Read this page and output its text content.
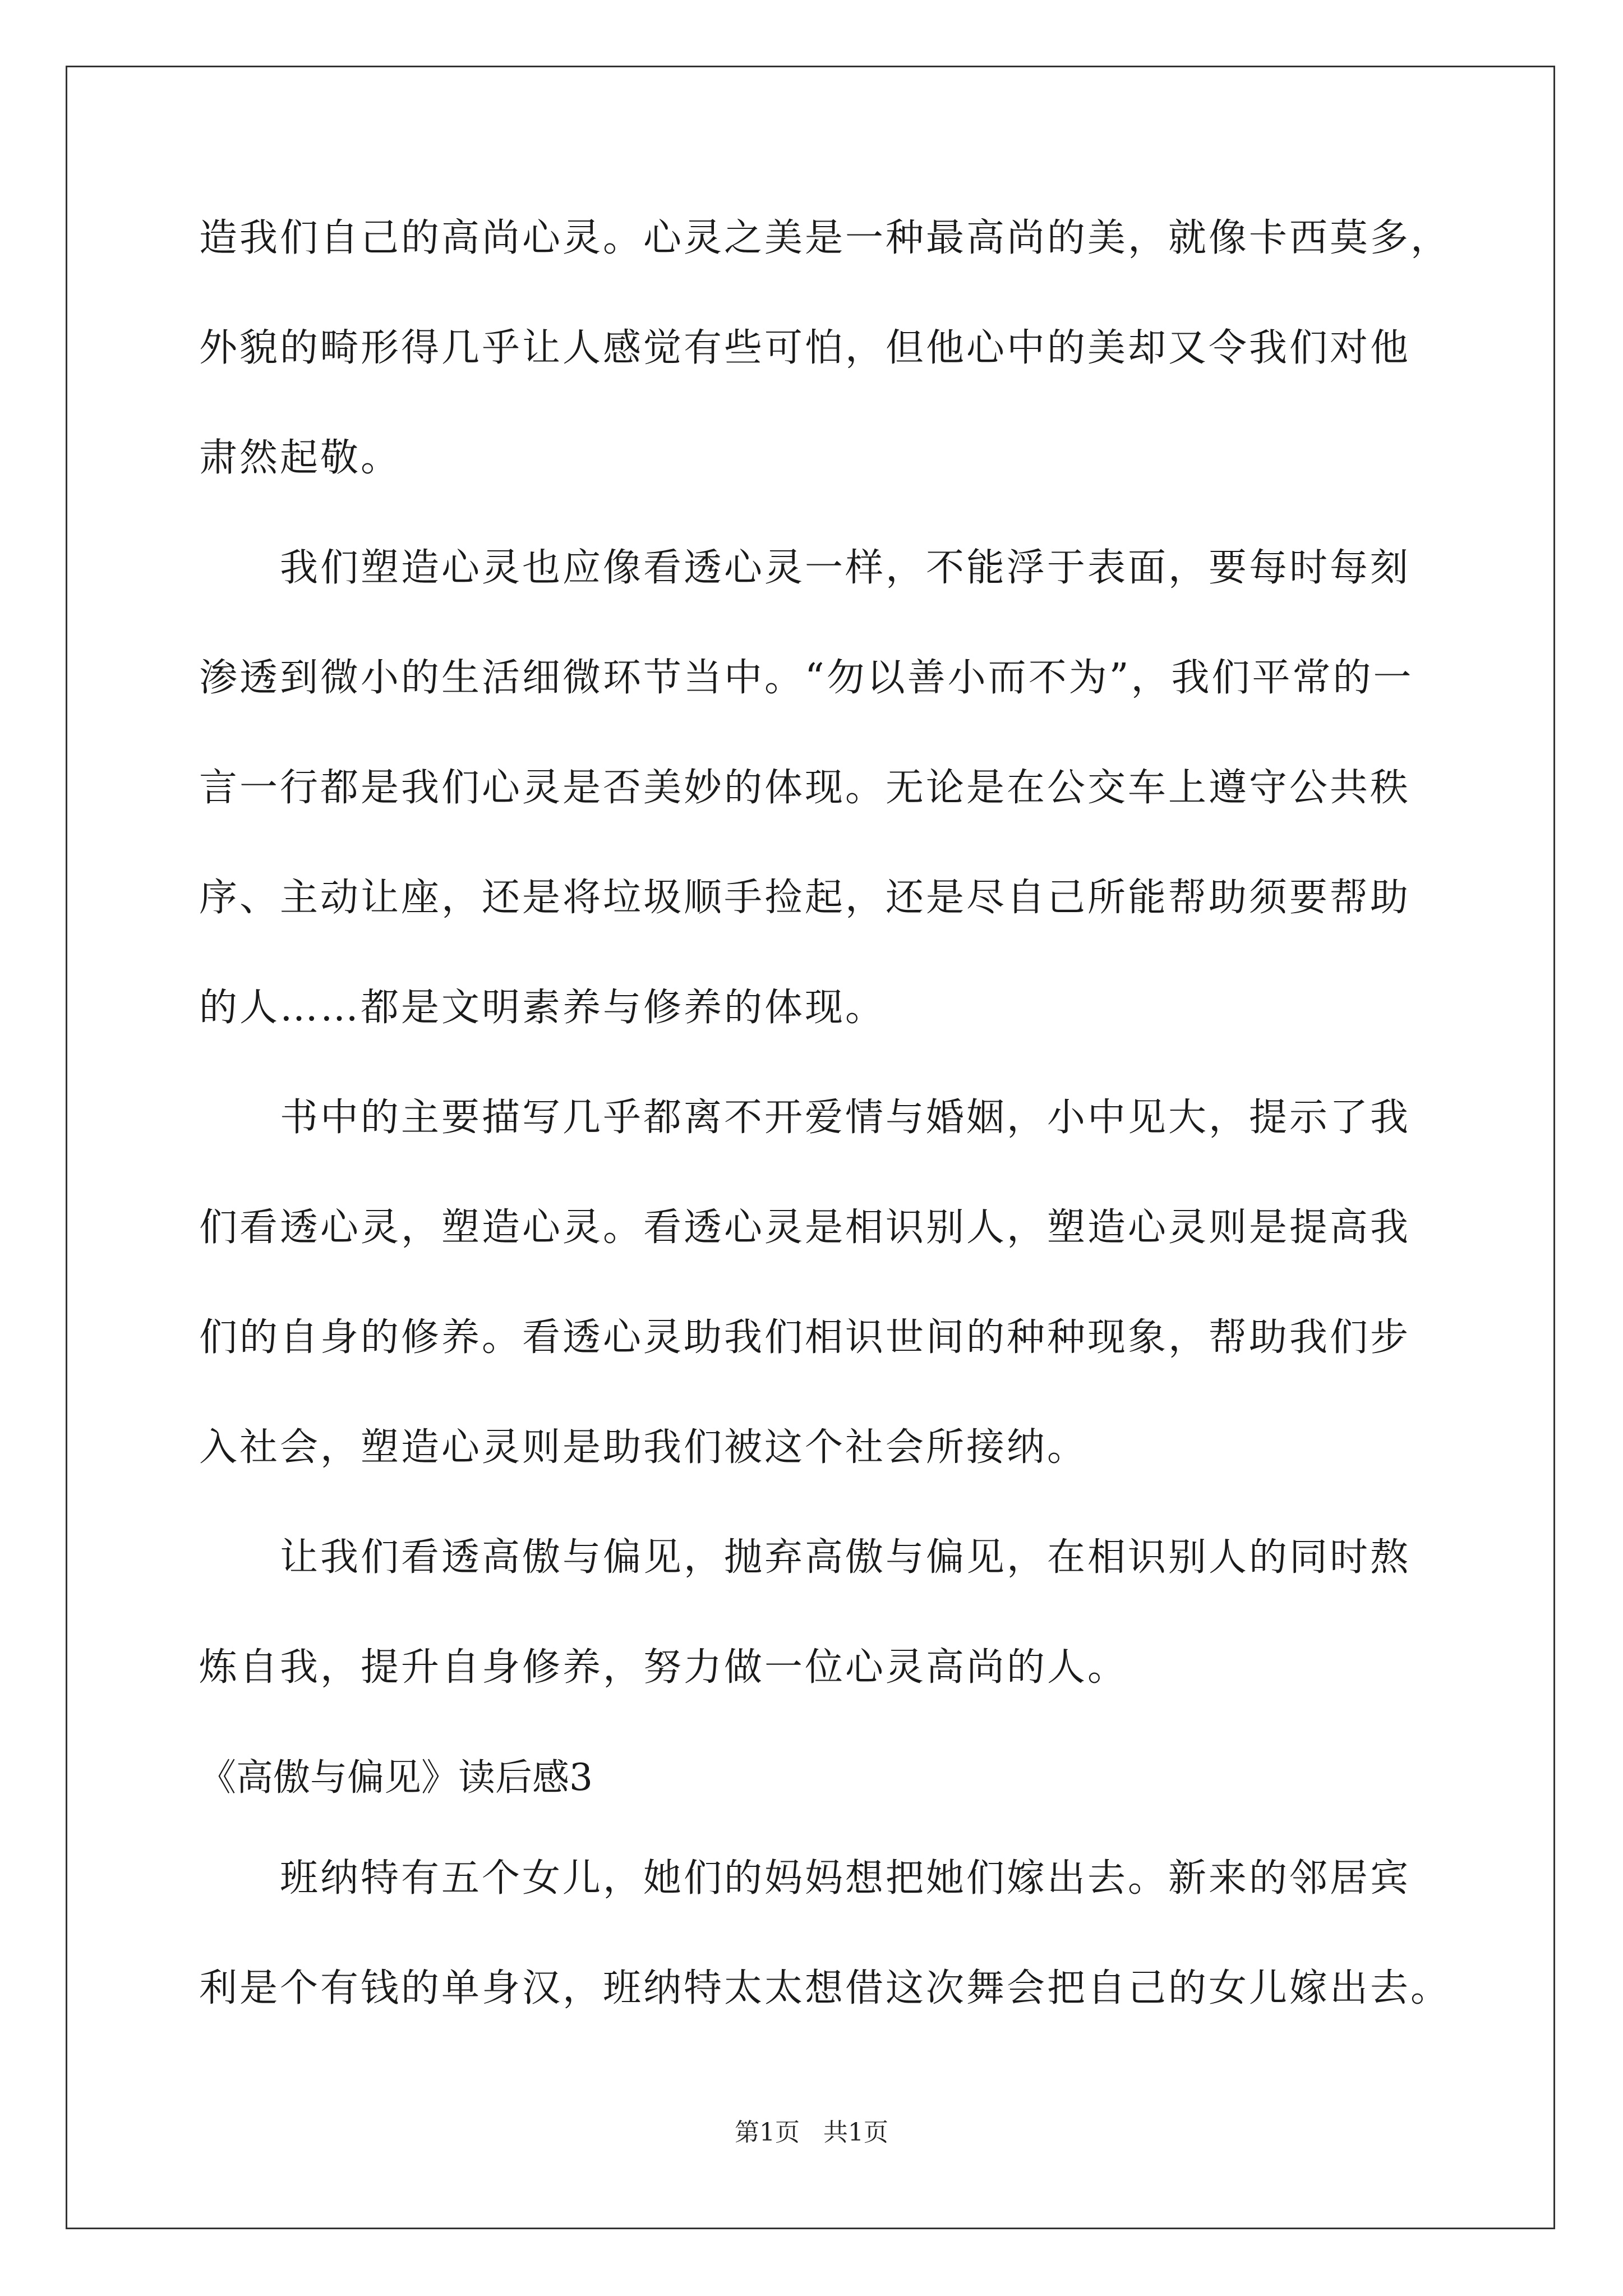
造我们自己的高尚心灵。心灵之美是一种最高尚的美，就像卡西莫多，
外貌的畸形得几乎让人感觉有些可怕，但他心中的美却又令我们对他
肃然起敬。
我们塑造心灵也应像看透心灵一样，不能浮于表面，要每时每刻
渗透到微小的生活细微环节当中。“勿以善小而不为”，我们平常的一
言一行都是我们心灵是否美妙的体现。无论是在公交车上遵守公共秩
序、主动让座，还是将垃圾顺手捡起，还是尽自己所能帮助须要帮助
的人……都是文明素养与修养的体现。
书中的主要描写几乎都离不开爱情与婚姻，小中见大，提示了我
们看透心灵，塑造心灵。看透心灵是相识别人，塑造心灵则是提高我
们的自身的修养。看透心灵助我们相识世间的种种现象，帮助我们步
入社会，塑造心灵则是助我们被这个社会所接纳。
让我们看透高傲与偏见，抛弃高傲与偏见，在相识别人的同时熬
炼自我，提升自身修养，努力做一位心灵高尚的人。
《高傲与偏见》读后感3
班纳特有五个女儿，她们的妈妈想把她们嫁出去。新来的邻居宾
利是个有钱的单身汉，班纳特太太想借这次舞会把自己的女儿嫁出去。
第1页 共1页
